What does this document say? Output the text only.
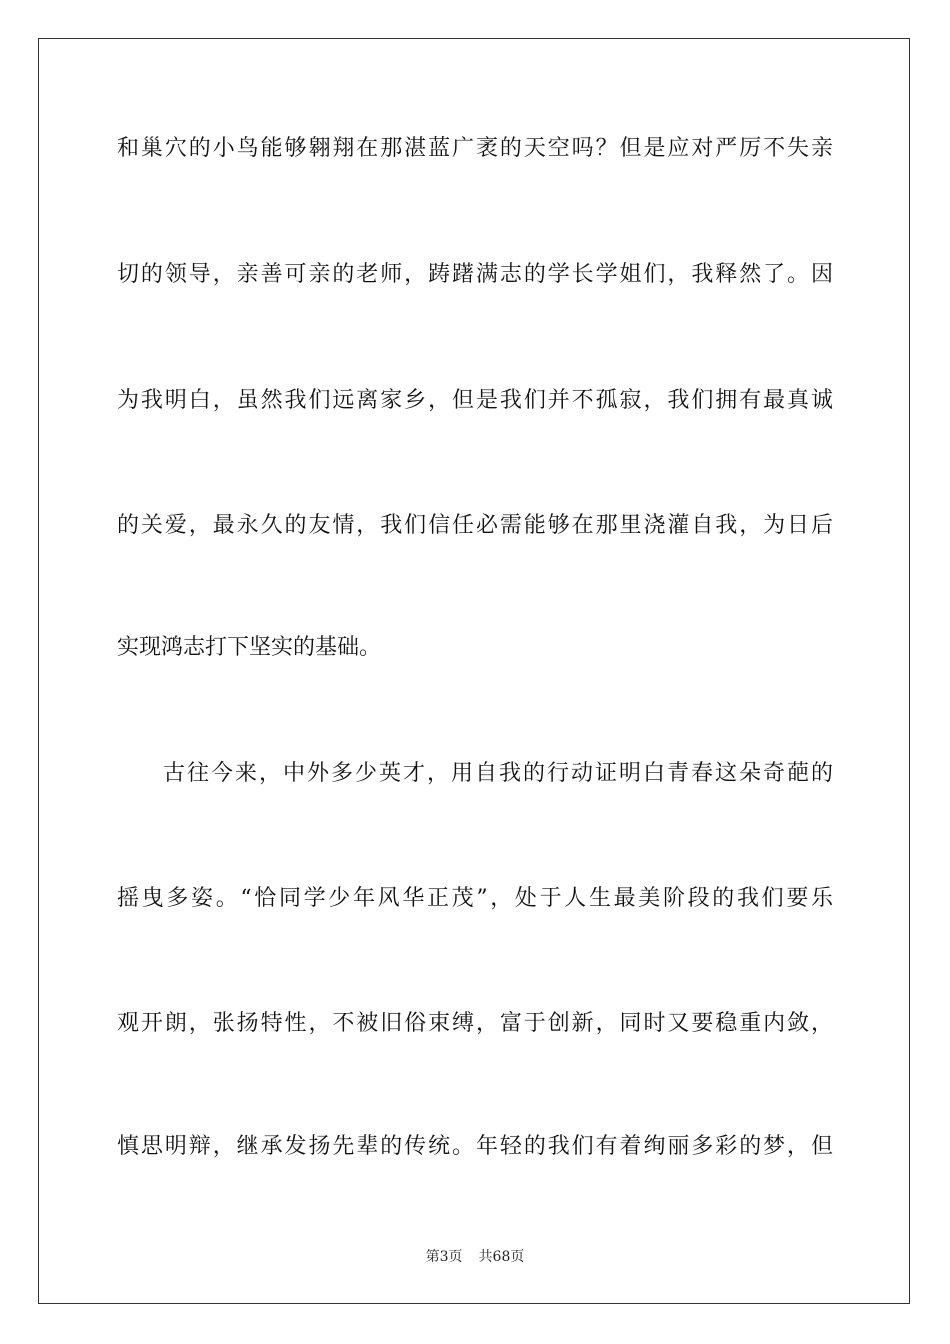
和巢穴的小鸟能够翱翔在那湛蓝广袤的天空吗？但是应对严厉不失亲
切的领导，亲善可亲的老师，踌躇满志的学长学姐们，我释然了。因
为我明白，虽然我们远离家乡，但是我们并不孤寂，我们拥有最真诚
的关爱，最永久的友情，我们信任必需能够在那里浇灌自我，为日后
实现鸿志打下坚实的基础。
古往今来，中外多少英才，用自我的行动证明白青春这朵奇葩的
摇曳多姿。“恰同学少年风华正茂”，处于人生最美阶段的我们要乐
观开朗，张扬特性，不被旧俗束缚，富于创新，同时又要稳重内敛，
慎思明辩，继承发扬先辈的传统。年轻的我们有着绚丽多彩的梦，但
第3页 共68页
